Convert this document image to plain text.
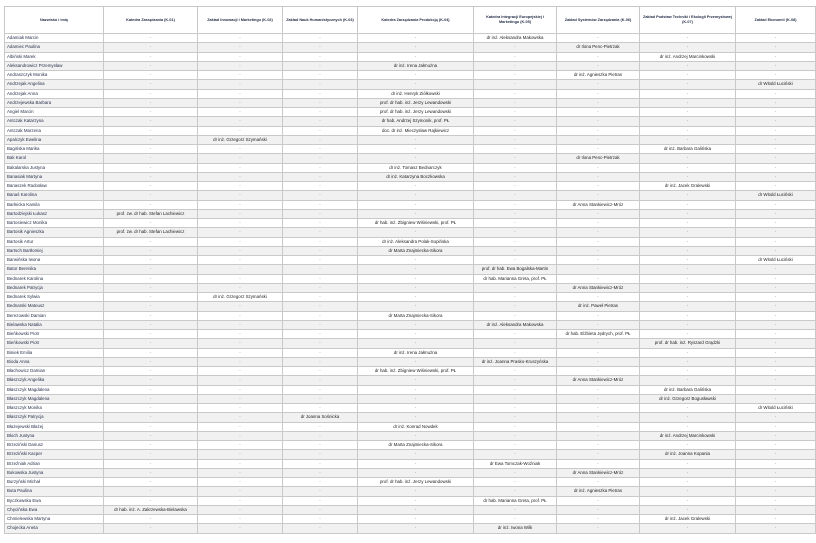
Nazwisko i imię	Katedra Zarządzania (K-01)	Zakład Innowacji i Marketingu (K-02)	Zakład Nauk Humanistycznych (K-03)	Katedra Zarządzania Produkcją (K-04)	Katedra Integracji Europejskiej i Marketingu (K-05)	Zakład Systemów Zarządzania (K-06)	Zakład Podstaw Techniki i Ekologii Przemysłowej (K-07)	Zakład Ekonomii (K-08)
Adamiak Marcin	-	-	-	-	dr inż. Aleksandra Makowska	-	-	-
Adamiec Paulina	-	-	-	-	-	dr Ilona Penc-Pietrzak	-	-
Albiński Marek	-	-	-	-	-	-	dr inż. Andrzej Marcinkowski	-
Aleksandrowicz Przemysław	-	-	-	dr inż. Irena Jałmużna	-	-	-	-
Andraszczyk Monika	-	-	-	-	-	dr inż. Agnieszka Pietras	-	-
Andrzejak Angelina	-	-	-	-	-	-	-	dr Witold Łuciński
Andrzejak Anna	-	-	-	dr inż. Henryk Ziółkowski	-	-	-	-
Andrzejewska Barbara	-	-	-	prof. dr hab. inż. Jerzy Lewandowski	-	-	-	-
Angiel Marcin	-	-	-	prof. dr hab. inż. Jerzy Lewandowski	-	-	-	-
Antczak Katarzyna	-	-	-	dr hab. Andrzej Szymonik, prof. PŁ	-	-	-	-
Antczak Marzena	-	-	-	doc. dr inż. Mieczysław Rajkiewicz	-	-	-	-
Apalczyk Ewelina	-	dr inż. Grzegorz Szymański	-	-	-	-	-	-
Bagińska Marika	-	-	-	-	-	-	dr inż. Barbara Galińska	-
Bak Karol	-	-	-	-	-	dr Ilona Penc-Pietrzak	-	-
Bakalarska Justyna	-	-	-	dr inż. Tomasz Bednarczyk	-	-	-	-
Banasiak Martyna	-	-	-	dr inż. Katarzyna Boczkowska	-	-	-	-
Banaszek Radosław	-	-	-	-	-	-	dr inż. Jacek Gralewski	-
Banaś Karolina	-	-	-	-	-	-	-	dr Witold Łuciński
Barłnicka Kamila	-	-	-	-	-	dr Anna Stankiewicz-Mróz	-	-
Bartodziejski Łukasz	prof. zw. dr hab. Stefan Lachiewicz	-	-	-	-	-	-	-
Bartosiewicz Monika	-	-	-	dr hab. inż. Zbigniew Wiśniewski, prof. PŁ	-	-	-	-
Bartosik Agnieszka	prof. zw. dr hab. Stefan Lachiewicz	-	-	-	-	-	-	-
Bartosik Artur	-	-	-	dr inż. Aleksandra Polak-Sopińska	-	-	-	-
Bartsch Bartłomiej	-	-	-	dr Marta Znajmiecka-Sikora	-	-	-	-
Barwińska Iwona	-	-	-	-	-	-	-	dr Witold Łuciński
Bator Berenika	-	-	-	-	prof. dr hab. Ewa Bogalska-Martin	-	-	-
Bednarek Karolina	-	-	-	-	dr hab. Marianna Greta, prof. PŁ	-	-	-
Bednarek Patrycja	-	-	-	-	-	dr Anna Stankiewicz-Mróz	-	-
Bednarek Sylwia	-	dr inż. Grzegorz Szymański	-	-	-	-	-	-
Bednarski Mateusz	-	-	-	-	-	dr inż. Paweł Pietras	-	-
Berezowski Damian	-	-	-	dr Marta Znajmiecka-Sikora	-	-	-	-
Bielawska Natalia	-	-	-	-	dr inż. Aleksandra Makowska	-	-	-
Bieńkowski Piotr	-	-	-	-	-	dr hab. Elżbieta Jędrych, prof. PŁ	-	-
Bieńkowski Piotr	-	-	-	-	-	-	prof. dr hab. inż. Ryszard Grądzki	-
Biniek Emilia	-	-	-	dr inż. Irena Jałmużna	-	-	-	-
Bioda Anna	-	-	-	-	dr inż. Joanna Prasko-Kruszyńska	-	-	-
Błachowicz Damian	-	-	-	dr hab. inż. Zbigniew Wiśniewski, prof. PŁ	-	-	-	-
Błaszczyk Angelika	-	-	-	-	-	dr Anna Stankiewicz-Mróz	-	-
Błaszczyk Magdalena	-	-	-	-	-	-	dr inż. Barbara Galińska	-
Błaszczyk Magdalena	-	-	-	-	-	-	dr inż. Grzegorz Bogusławski	-
Błaszczyk Monika	-	-	-	-	-	-	-	dr Witold Łuciński
Błaszczyk Patrycja	-	-	dr Joanna Sośnicka	-	-	-	-	-
Błażejewski Błażej	-	-	-	dr inż. Konrad Nowdek	-	-	-	-
Błoch Justyna	-	-	-	-	-	-	dr inż. Andrzej Marcinkowski	-
Brzeziński Dariusz	-	-	-	dr Marta Znajmiecka-Sikora	-	-	-	-
Brzeziński Kacper	-	-	-	-	-	-	dr inż. Joanna Kopania	-
Brzeźniak Adrian	-	-	-	-	dr Ewa Tomczak-Woźniak	-	-	-
Bukowska Justyna	-	-	-	-	-	dr Anna Stankiewicz-Mróz	-	-
Burzyński Michał	-	-	-	prof. dr hab. inż. Jerzy Lewandowski	-	-	-	-
Buta Paulina	-	-	-	-	-	dr inż. Agnieszka Pietras	-	-
Byczkowska Ewa	-	-	-	-	dr hab. Marianna Greta, prof. PŁ	-	-	-
Chęcińska Ewa	dr hab. inż. A. Zakrzewska-Bielawska	-	-	-	-	-	-	-
Chmielewska Martyna	-	-	-	-	-	-	dr inż. Jacek Gralewski	-
Chojecka Aneta	-	-	-	-	dr inż. Iwona Wilk	-	-	-
